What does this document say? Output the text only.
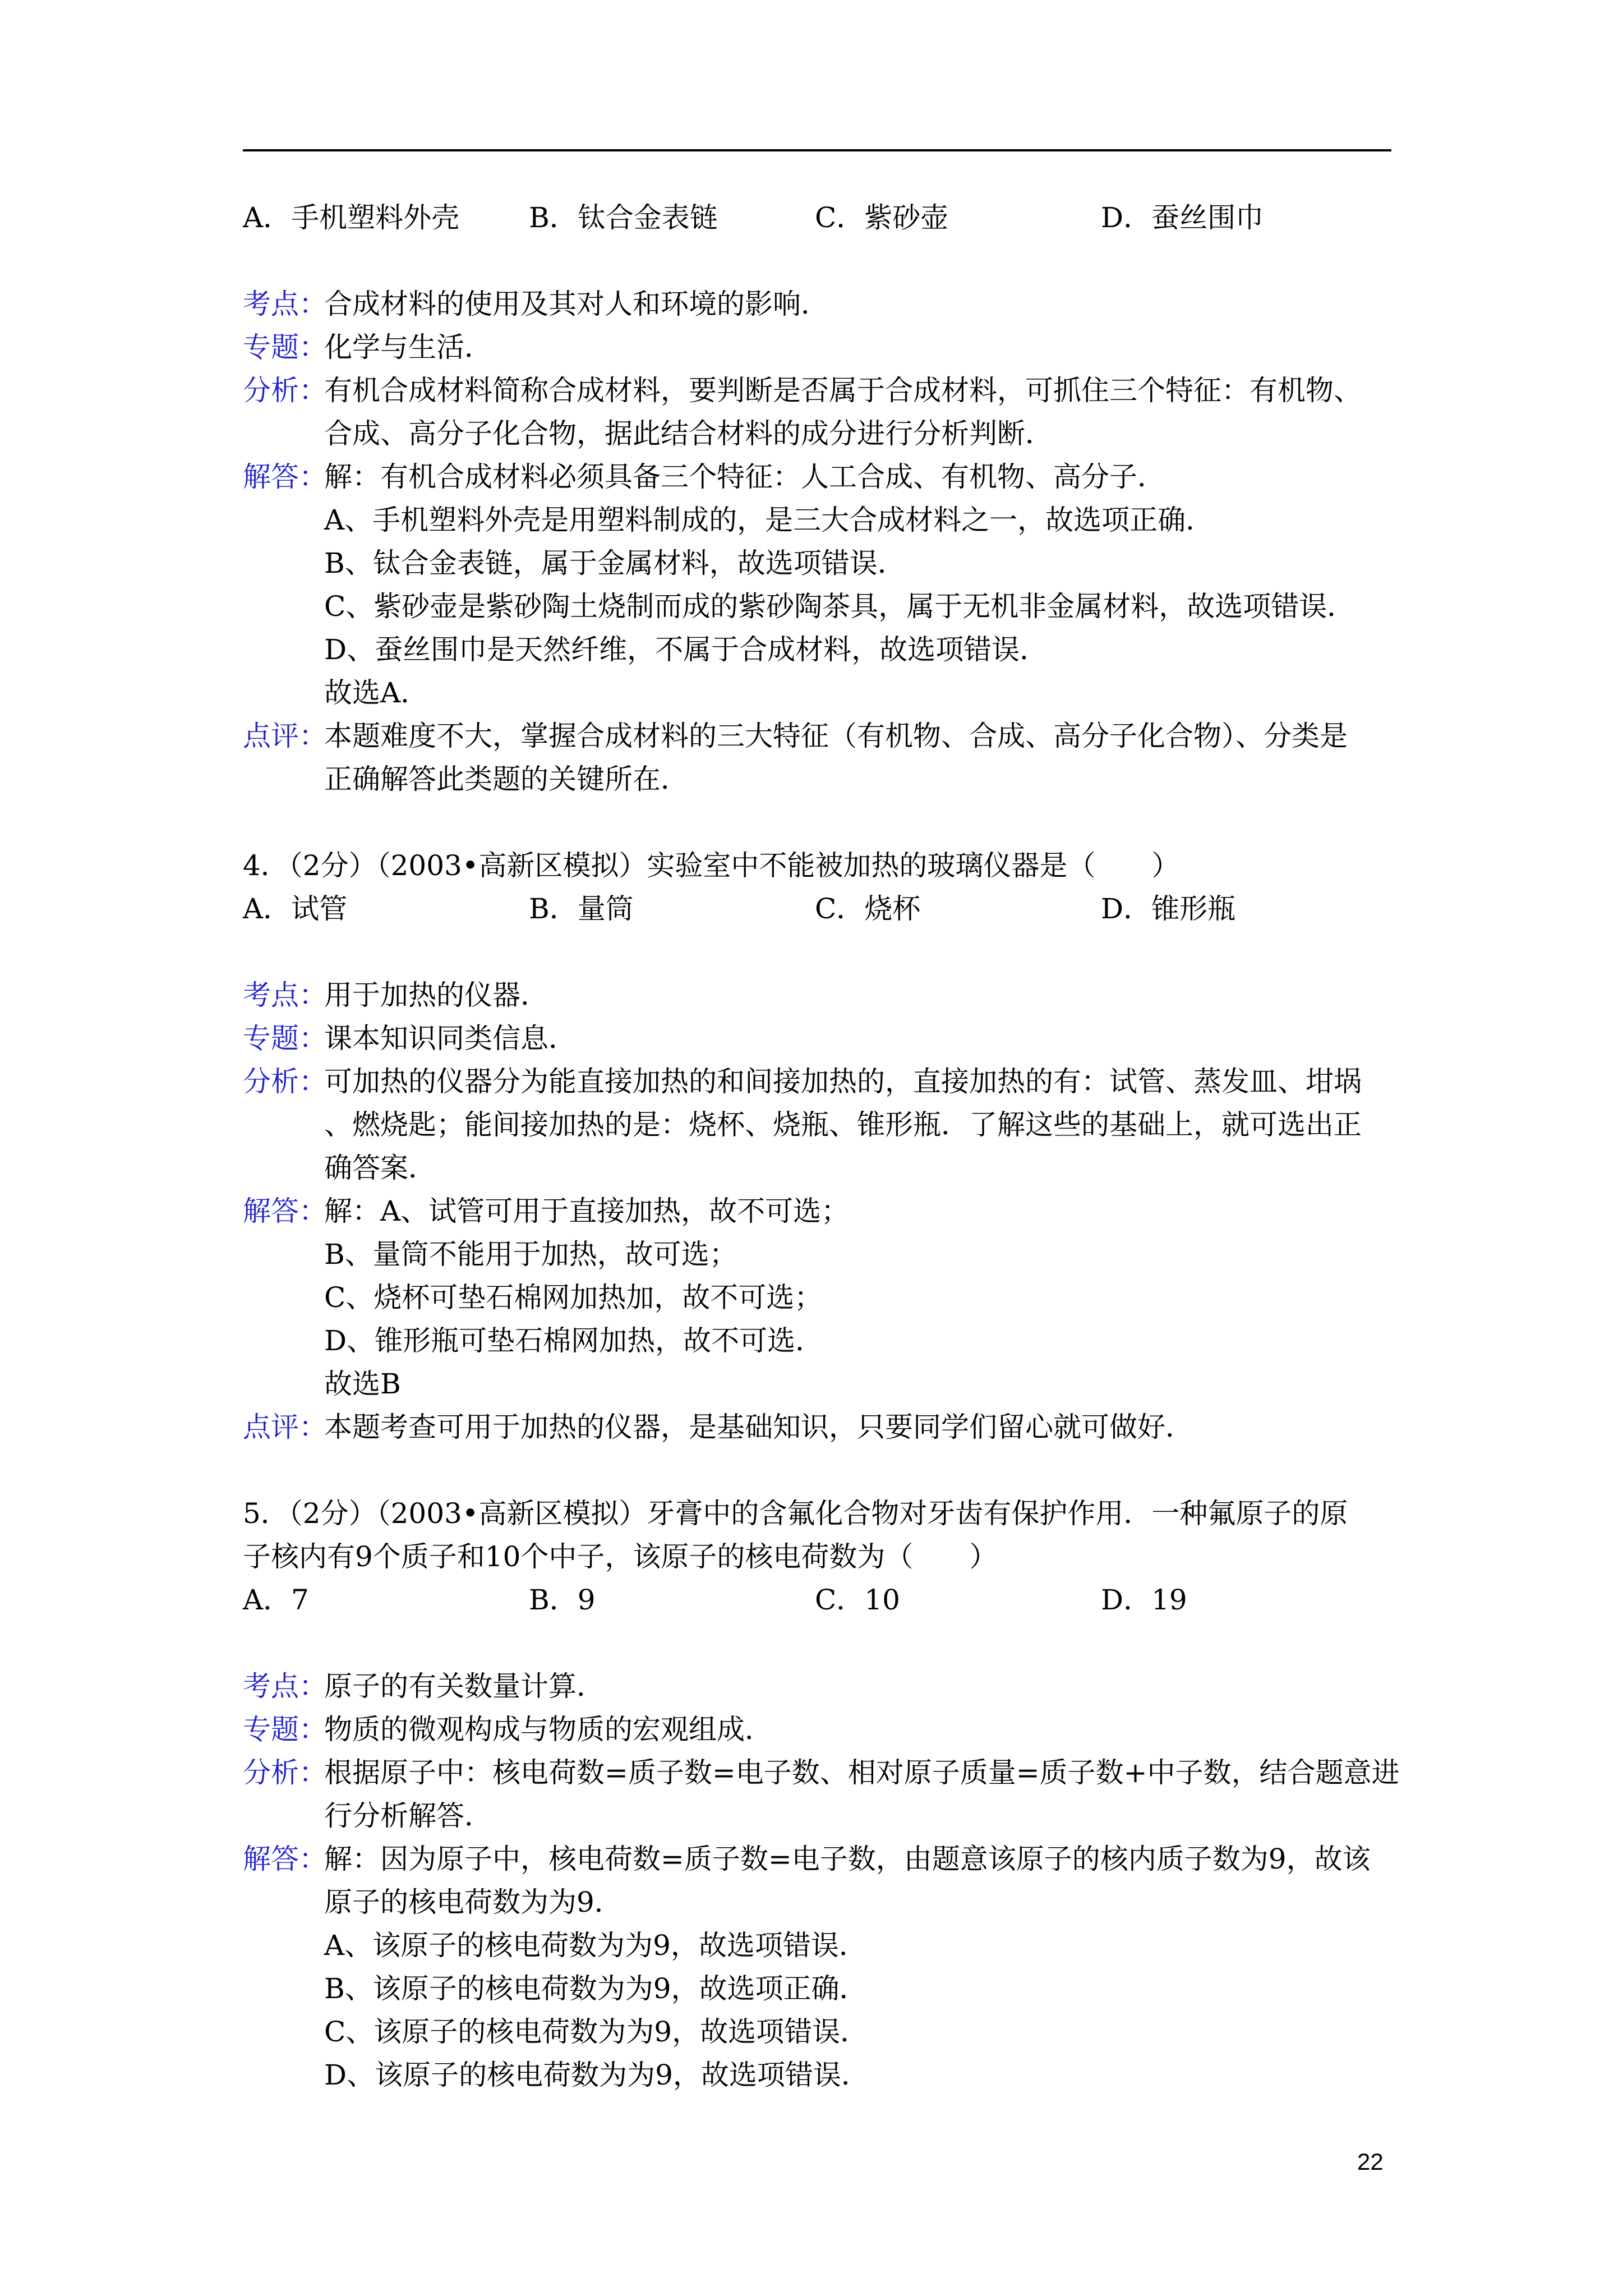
A．手机塑料外壳	B．钛合金表链	C．紫砂壶	D．蚕丝围巾
考点：
合成材料的使用及其对人和环境的影响．
专题：
化学与生活．
分析：
有机合成材料简称合成材料，要判断是否属于合成材料，可抓住三个特征：有机物、
合成、高分子化合物，据此结合材料的成分进行分析判断．
解答：
解：有机合成材料必须具备三个特征：人工合成、有机物、高分子．
A、手机塑料外壳是用塑料制成的，是三大合成材料之一，故选项正确．
B、钛合金表链，属于金属材料，故选项错误．
C、紫砂壶是紫砂陶土烧制而成的紫砂陶茶具，属于无机非金属材料，故选项错误．
D、蚕丝围巾是天然纤维，不属于合成材料，故选项错误．
故选A．
点评：
本题难度不大，掌握合成材料的三大特征（有机物、合成、高分子化合物）、分类是
正确解答此类题的关键所在．
4．（2分）（2003•高新区模拟）实验室中不能被加热的玻璃仪器是（　　）
A．试管	B．量筒	C．烧杯	D．锥形瓶
考点：
用于加热的仪器．
专题：
课本知识同类信息．
分析：
可加热的仪器分为能直接加热的和间接加热的，直接加热的有：试管、蒸发皿、坩埚
、燃烧匙；能间接加热的是：烧杯、烧瓶、锥形瓶．了解这些的基础上，就可选出正
确答案．
解答：
解：A、试管可用于直接加热，故不可选；
B、量筒不能用于加热，故可选；
C、烧杯可垫石棉网加热加，故不可选；
D、锥形瓶可垫石棉网加热，故不可选．
故选B
点评：
本题考查可用于加热的仪器，是基础知识，只要同学们留心就可做好．
5．（2分）（2003•高新区模拟）牙膏中的含氟化合物对牙齿有保护作用．一种氟原子的原
子核内有9个质子和10个中子，该原子的核电荷数为（　　）
A．7	B．9	C．10	D．19
考点：
原子的有关数量计算．
专题：
物质的微观构成与物质的宏观组成．
分析：
根据原子中：核电荷数=质子数=电子数、相对原子质量=质子数+中子数，结合题意进
行分析解答．
解答：
解：因为原子中，核电荷数=质子数=电子数，由题意该原子的核内质子数为9，故该
原子的核电荷数为为9．
A、该原子的核电荷数为为9，故选项错误．
B、该原子的核电荷数为为9，故选项正确．
C、该原子的核电荷数为为9，故选项错误．
D、该原子的核电荷数为为9，故选项错误．
22
